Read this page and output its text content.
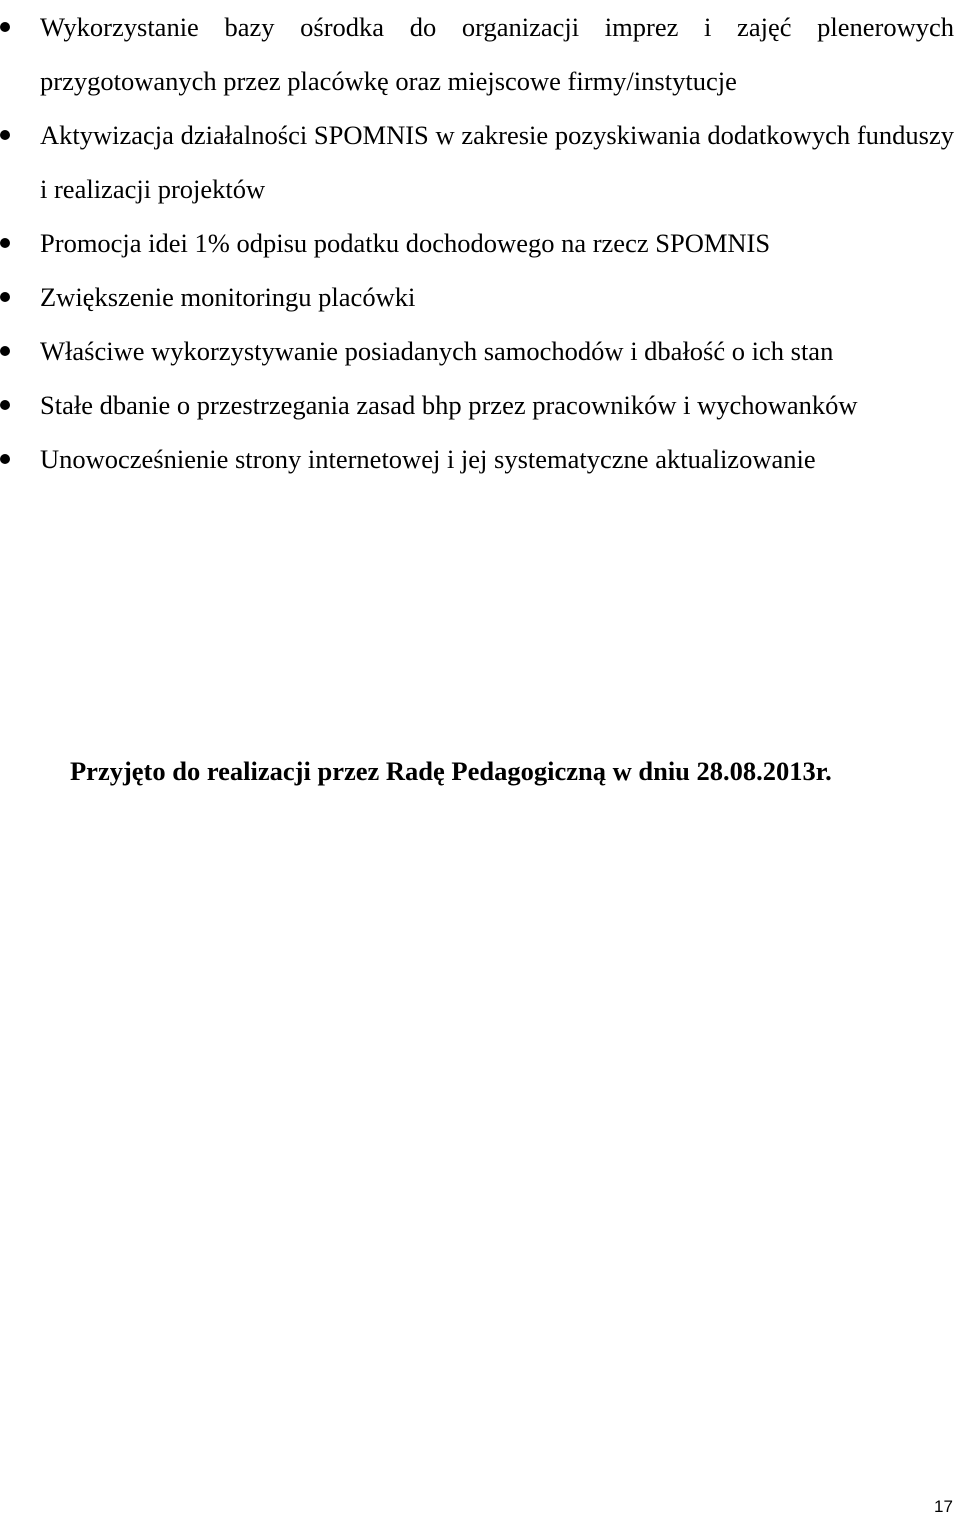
Wykorzystanie bazy ośrodka do organizacji imprez i zajęć plenerowych przygotowanych przez placówkę oraz miejscowe firmy/instytucje
Aktywizacja działalności SPOMNIS w zakresie pozyskiwania dodatkowych funduszy i realizacji projektów
Promocja idei 1% odpisu podatku dochodowego na rzecz SPOMNIS
Zwiększenie monitoringu placówki
Właściwe wykorzystywanie posiadanych samochodów i dbałość o ich stan
Stałe dbanie o przestrzegania zasad bhp przez pracowników i wychowanków
Unowocześnienie strony internetowej i jej systematyczne aktualizowanie
Przyjęto do realizacji przez Radę Pedagogiczną w dniu 28.08.2013r.
17
